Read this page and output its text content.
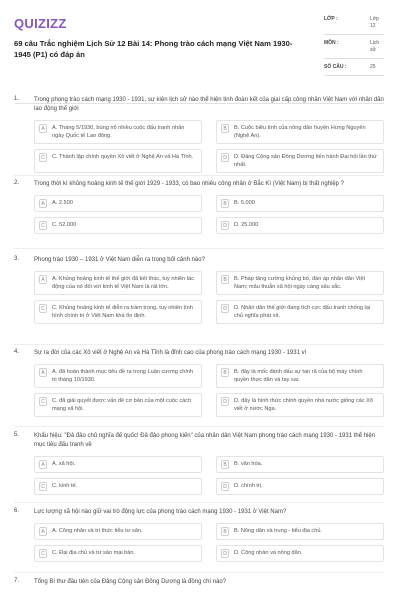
QUIZIZZ
69 câu Trắc nghiệm Lịch Sử 12 Bài 14: Phong trào cách mạng Việt Nam 1930-1945 (P1) có đáp án
LỚP :	Lớp 12
MÔN :	Lịch sử
SỐ CÂU :	25
1. Trong phong trào cách mạng 1930 - 1931, sự kiện lịch sử nào thể hiện tinh đoàn kết của giai cấp công nhân Việt Nam với nhân dân lao động thế giới
A	A. Tháng 5/1930, bùng nổ nhiều cuộc đấu tranh nhân ngày Quốc tế Lao động.
B	B. Cuộc biểu tình của nông dân huyện Hưng Nguyên (Nghệ An).
C	C. Thành lập chính quyền Xô viết ở Nghệ An và Hà Tĩnh.	D	D. Đảng Cộng sản Đông Dương tiến hành Đại hội lần thứ nhất.
2. Trong thời kì khủng hoảng kinh tế thế giới 1929 - 1933, có bao nhiêu công nhân ở Bắc Kì (Việt Nam) bị thất nghiệp ?
A	A. 2.500	B	B. 5.000
C	C. 52.000	D	D. 25.000
3. Phong trào 1930 – 1931 ở Việt Nam diễn ra trong bối cảnh nào?
A	A. Khủng hoảng kinh tế thế giới đã kết thúc, tuy nhiên tác động của nó đối với kinh tế Việt Nam là rất lớn.
B	B. Pháp tăng cường khủng bố, đàn áp nhân dân Việt Nam; mâu thuẫn xã hội ngày càng sâu sắc.
C	C. Khủng hoảng kinh tế diễn ra trầm trọng, tuy nhiên tình hình chính trị ở Việt Nam khá ổn định.
D	D. Nhân dân thế giới đang tích cực đấu tranh chống lại chủ nghĩa phát xít.
4. Sự ra đời của các Xô viết ở Nghệ An và Hà Tĩnh là đỉnh cao của phong trào cách mạng 1930 - 1931 vì
A	A. đã hoàn thành mục tiêu đề ra trong Luận cương chính trị tháng 10/1930.
B	B. đây là mốc đánh dấu sự tan rã của bộ máy chính quyền thực dân và tay sai.
C	C. đã giải quyết được vấn đề cơ bản của một cuộc cách mạng xã hội.
D	D. đây là hình thức chính quyền nhà nước giống các Xô viết ở nước Nga.
5. Khẩu hiệu: "Đả đảo chủ nghĩa đế quốc! Đả đảo phong kiến" của nhân dân Việt Nam phong trào cách mạng 1930 - 1931 thể hiện mục tiêu đấu tranh về
A	A. xã hội.	B	B. văn hóa.
C	C. kinh tế.	D	D. chính trị.
6. Lực lượng xã hội nào giữ vai trò động lực của phong trào cách mạng 1930 - 1931 ở Việt Nam?
A	A. Công nhân và trí thức tiểu tư sản.	B	B. Nông dân và trung - tiểu địa chủ.
C	C. Đại địa chủ và tư sản mại bản.	D	D. Công nhân và nông dân.
7. Tổng Bí thư đầu tiên của Đảng Cộng sản Đông Dương là đồng chí nào?
